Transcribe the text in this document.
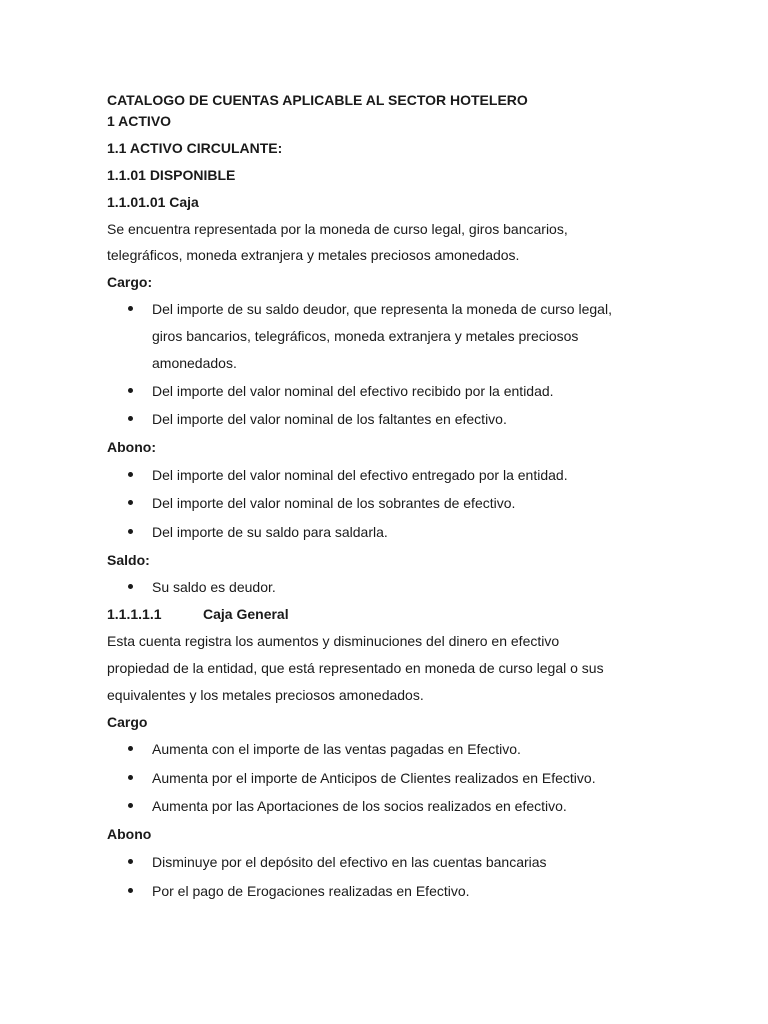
CATALOGO DE CUENTAS APLICABLE AL SECTOR HOTELERO
1 ACTIVO
1.1 ACTIVO CIRCULANTE:
1.1.01 DISPONIBLE
1.1.01.01 Caja
Se encuentra representada por la moneda de curso legal, giros bancarios,
telegráficos, moneda extranjera y metales preciosos amonedados.
Cargo:
Del importe de su saldo deudor, que representa la moneda de curso legal,
giros bancarios, telegráficos, moneda extranjera y metales preciosos
amonedados.
Del importe del valor nominal del efectivo recibido por la entidad.
Del importe del valor nominal de los faltantes en efectivo.
Abono:
Del importe del valor nominal del efectivo entregado por la entidad.
Del importe del valor nominal de los sobrantes de efectivo.
Del importe de su saldo para saldarla.
Saldo:
Su saldo es deudor.
1.1.1.1.1	Caja General
Esta cuenta registra los aumentos y disminuciones del dinero en efectivo
propiedad de la entidad, que está representado en moneda de curso legal o sus
equivalentes y los metales preciosos amonedados.
Cargo
Aumenta con el importe de las ventas pagadas en Efectivo.
Aumenta por el importe de Anticipos de Clientes realizados en Efectivo.
Aumenta por las Aportaciones de los socios realizados en efectivo.
Abono
Disminuye por el depósito del efectivo en las cuentas bancarias
Por el pago de Erogaciones realizadas en Efectivo.
